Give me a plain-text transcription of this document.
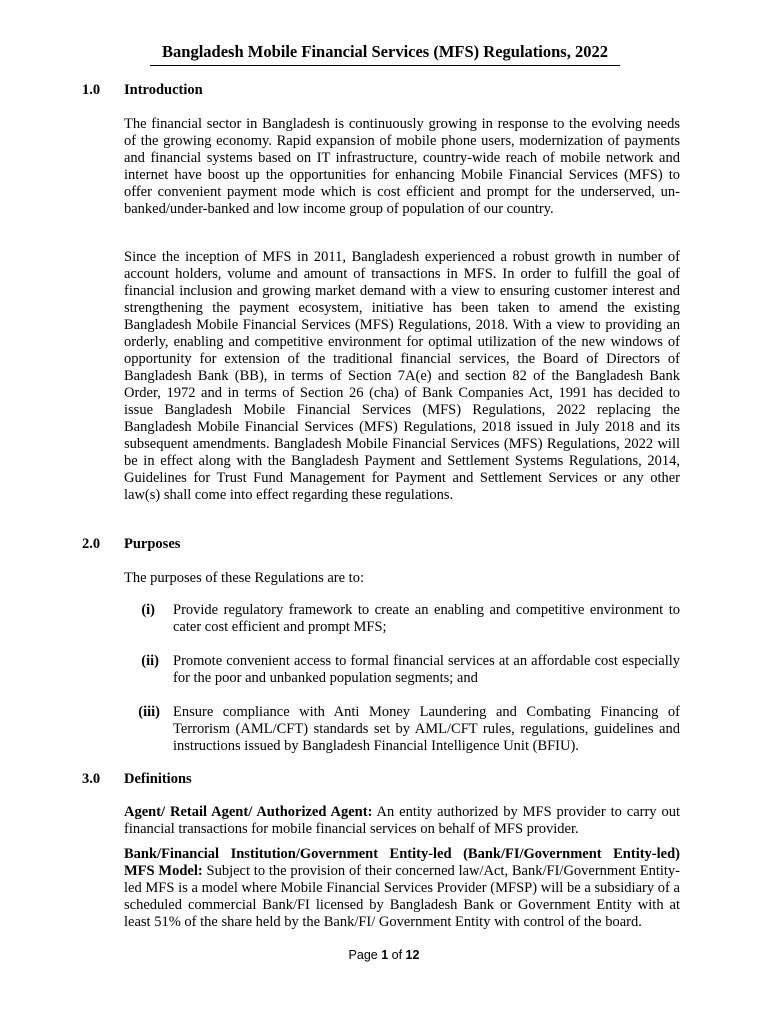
Bangladesh Mobile Financial Services (MFS) Regulations, 2022
1.0 Introduction
The financial sector in Bangladesh is continuously growing in response to the evolving needs of the growing economy. Rapid expansion of mobile phone users, modernization of payments and financial systems based on IT infrastructure, country-wide reach of mobile network and internet have boost up the opportunities for enhancing Mobile Financial Services (MFS) to offer convenient payment mode which is cost efficient and prompt for the underserved, un-banked/under-banked and low income group of population of our country.
Since the inception of MFS in 2011, Bangladesh experienced a robust growth in number of account holders, volume and amount of transactions in MFS. In order to fulfill the goal of financial inclusion and growing market demand with a view to ensuring customer interest and strengthening the payment ecosystem, initiative has been taken to amend the existing Bangladesh Mobile Financial Services (MFS) Regulations, 2018. With a view to providing an orderly, enabling and competitive environment for optimal utilization of the new windows of opportunity for extension of the traditional financial services, the Board of Directors of Bangladesh Bank (BB), in terms of Section 7A(e) and section 82 of the Bangladesh Bank Order, 1972 and in terms of Section 26 (cha) of Bank Companies Act, 1991 has decided to issue Bangladesh Mobile Financial Services (MFS) Regulations, 2022 replacing the Bangladesh Mobile Financial Services (MFS) Regulations, 2018 issued in July 2018 and its subsequent amendments. Bangladesh Mobile Financial Services (MFS) Regulations, 2022 will be in effect along with the Bangladesh Payment and Settlement Systems Regulations, 2014, Guidelines for Trust Fund Management for Payment and Settlement Services or any other law(s) shall come into effect regarding these regulations.
2.0 Purposes
The purposes of these Regulations are to:
(i) Provide regulatory framework to create an enabling and competitive environment to cater cost efficient and prompt MFS;
(ii) Promote convenient access to formal financial services at an affordable cost especially for the poor and unbanked population segments; and
(iii) Ensure compliance with Anti Money Laundering and Combating Financing of Terrorism (AML/CFT) standards set by AML/CFT rules, regulations, guidelines and instructions issued by Bangladesh Financial Intelligence Unit (BFIU).
3.0 Definitions
Agent/ Retail Agent/ Authorized Agent: An entity authorized by MFS provider to carry out financial transactions for mobile financial services on behalf of MFS provider.
Bank/Financial Institution/Government Entity-led (Bank/FI/Government Entity-led) MFS Model: Subject to the provision of their concerned law/Act, Bank/FI/Government Entity-led MFS is a model where Mobile Financial Services Provider (MFSP) will be a subsidiary of a scheduled commercial Bank/FI licensed by Bangladesh Bank or Government Entity with at least 51% of the share held by the Bank/FI/ Government Entity with control of the board.
Page 1 of 12
